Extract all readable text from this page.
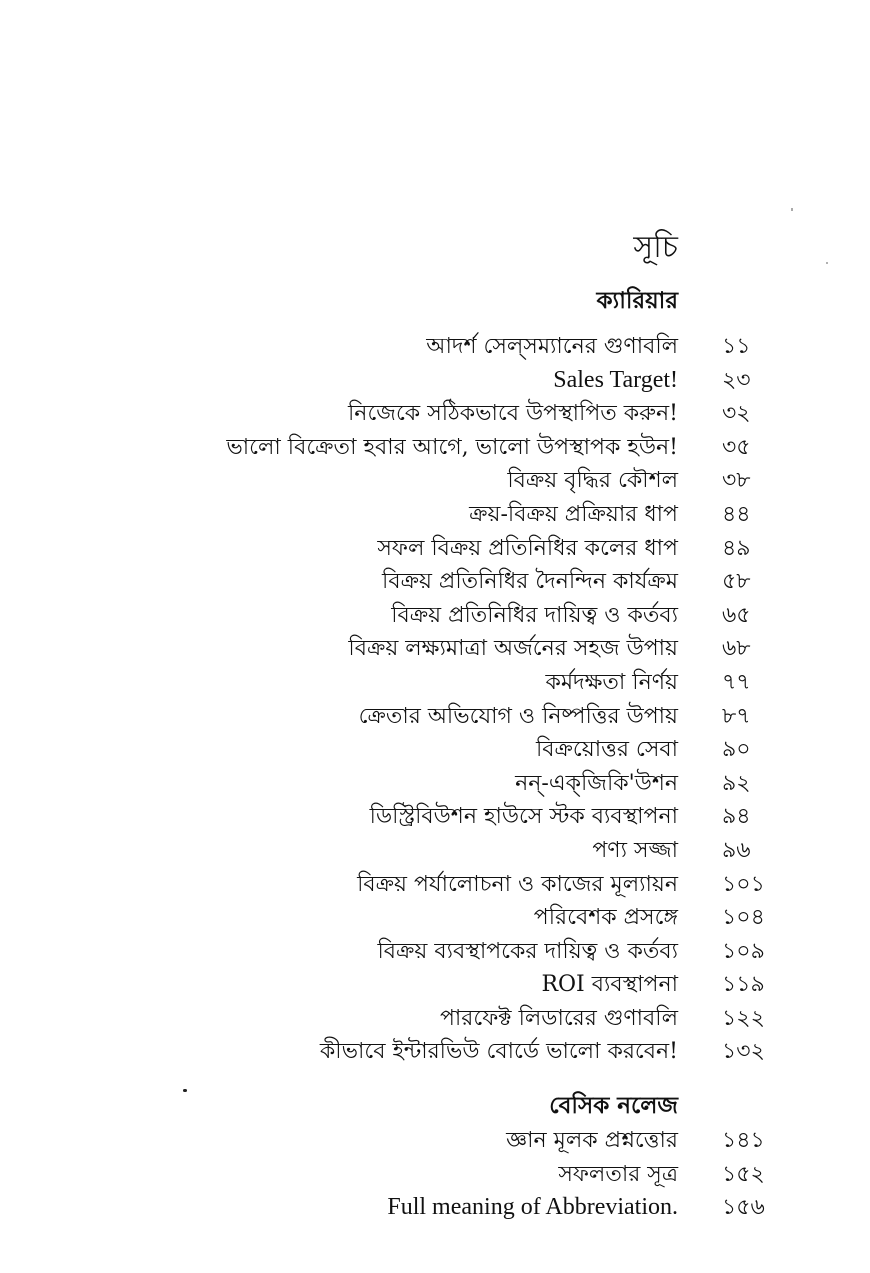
সূচি
ক্যারিয়ার
আদর্শ সেল্‌সম্যানের গুণাবলি ১১
Sales Target! ২৩
নিজেকে সঠিকভাবে উপস্থাপিত করুন! ৩২
ভালো বিক্রেতা হবার আগে, ভালো উপস্থাপক হউন! ৩৫
বিক্রয় বৃদ্ধির কৌশল ৩৮
ক্রয়-বিক্রয় প্রক্রিয়ার ধাপ ৪৪
সফল বিক্রয় প্রতিনিধির কলের ধাপ ৪৯
বিক্রয় প্রতিনিধির দৈনন্দিন কার্যক্রম ৫৮
বিক্রয় প্রতিনিধির দায়িত্ব ও কর্তব্য ৬৫
বিক্রয় লক্ষ্যমাত্রা অর্জনের সহজ উপায় ৬৮
কর্মদক্ষতা নির্ণয় ৭৭
ক্রেতার অভিযোগ ও নিষ্পত্তির উপায় ৮৭
বিক্রয়োত্তর সেবা ৯০
নন্‌-এক্‌জিকি'উশন ৯২
ডিস্ট্রিবিউশন হাউসে স্টক ব্যবস্থাপনা ৯৪
পণ্য সজ্জা ৯৬
বিক্রয় পর্যালোচনা ও কাজের মূল্যায়ন ১০১
পরিবেশক প্রসঙ্গে ১০৪
বিক্রয় ব্যবস্থাপকের দায়িত্ব ও কর্তব্য ১০৯
ROI ব্যবস্থাপনা ১১৯
পারফেক্ট লিডারের গুণাবলি ১২২
কীভাবে ইন্টারভিউ বোর্ডে ভালো করবেন! ১৩২
বেসিক নলেজ
জ্ঞান মূলক প্রশ্নত্তোর ১৪১
সফলতার সূত্র ১৫২
Full meaning of Abbreviation. ১৫৬
